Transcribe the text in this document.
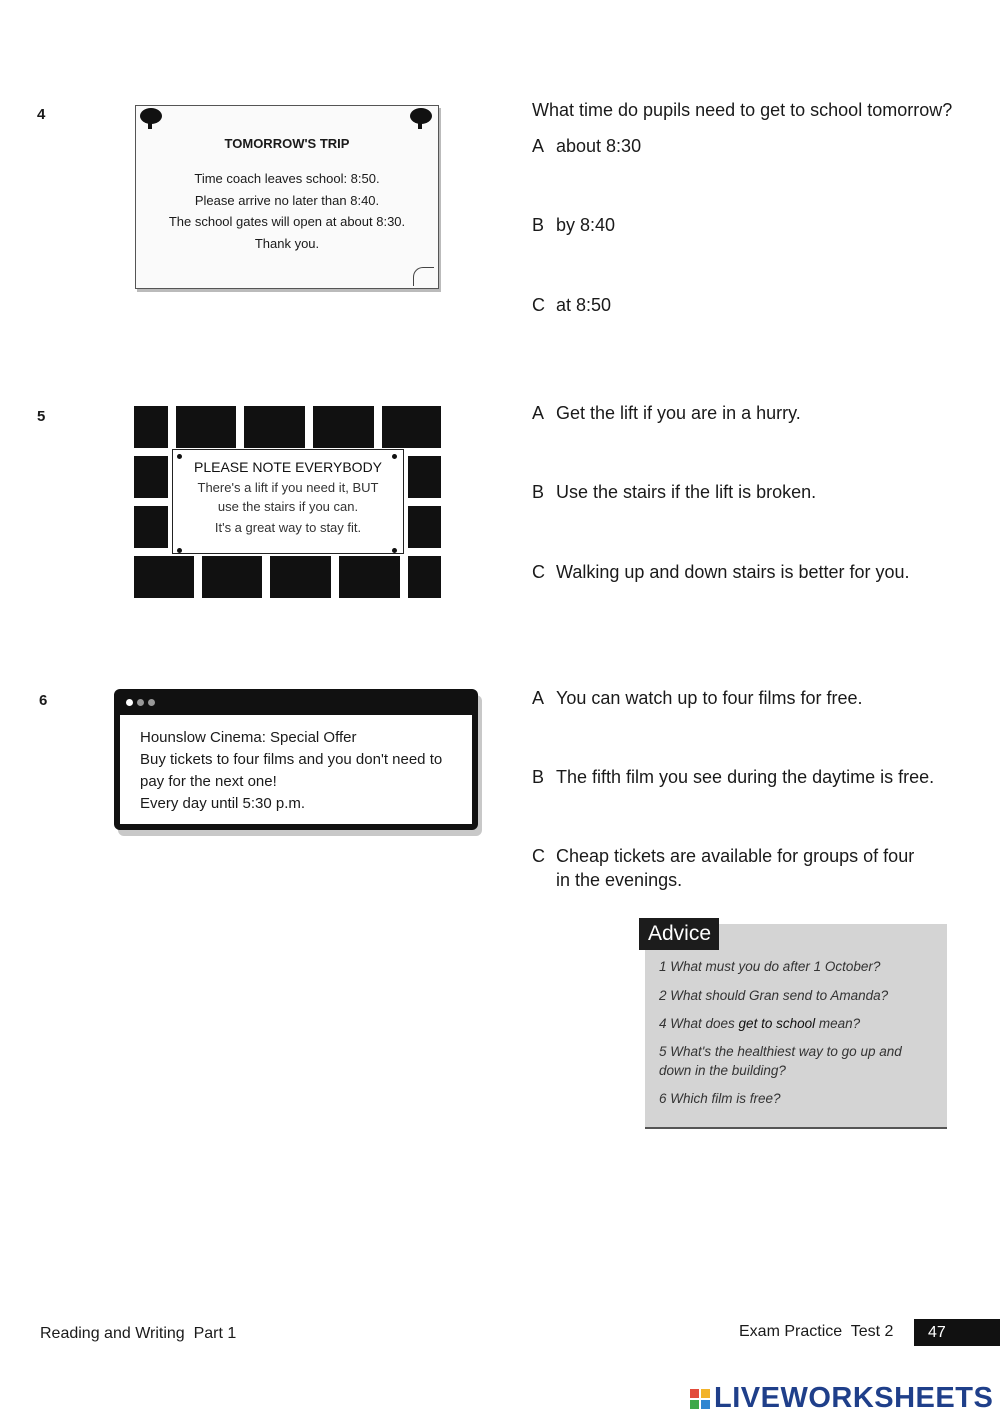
4
TOMORROW'S TRIP
Time coach leaves school: 8:50.
Please arrive no later than 8:40.
The school gates will open at about 8:30.
Thank you.
What time do pupils need to get to school tomorrow?
A about 8:30
B by 8:40
C at 8:50
5
PLEASE NOTE EVERYBODY
There's a lift if you need it, BUT
use the stairs if you can.
It's a great way to stay fit.
A Get the lift if you are in a hurry.
B Use the stairs if the lift is broken.
C Walking up and down stairs is better for you.
6
Hounslow Cinema: Special Offer
Buy tickets to four films and you don't need to pay for the next one!
Every day until 5:30 p.m.
A You can watch up to four films for free.
B The fifth film you see during the daytime is free.
C Cheap tickets are available for groups of four in the evenings.
Advice
1 What must you do after 1 October?
2 What should Gran send to Amanda?
4 What does get to school mean?
5 What's the healthiest way to go up and down in the building?
6 Which film is free?
Reading and Writing  Part 1	Exam Practice  Test 2	47
LIVEWORKSHEETS
